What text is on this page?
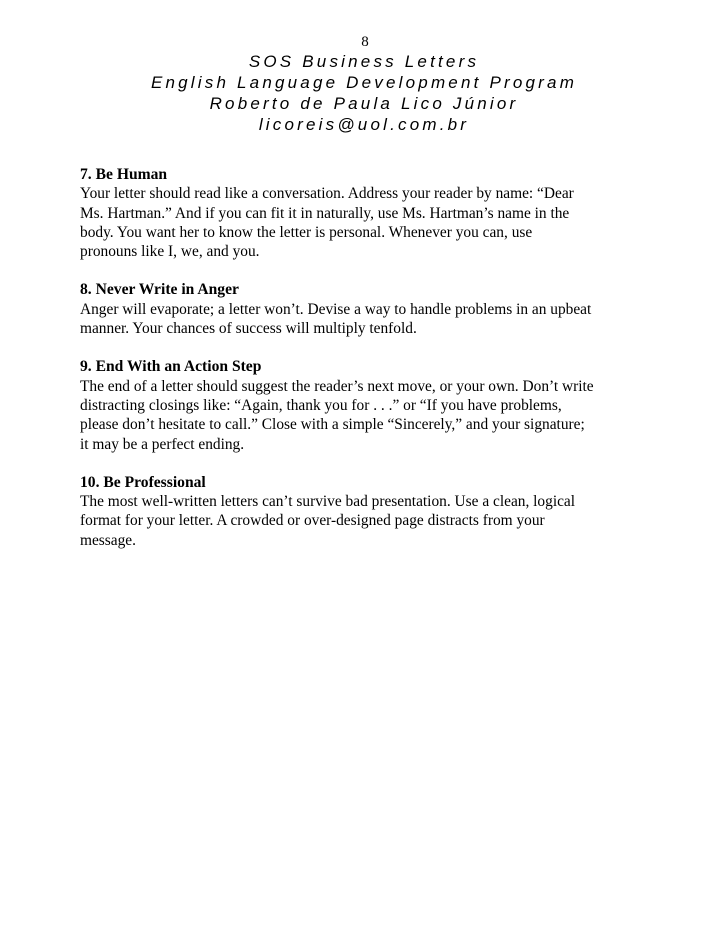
8
SOS Business Letters
English Language Development Program
Roberto de Paula Lico Júnior
licoreis@uol.com.br
7. Be Human
Your letter should read like a conversation. Address your reader by name: “Dear
Ms. Hartman.” And if you can fit it in naturally, use Ms. Hartman’s name in the
body. You want her to know the letter is personal. Whenever you can, use
pronouns like I, we, and you.
8. Never Write in Anger
Anger will evaporate; a letter won’t. Devise a way to handle problems in an upbeat
manner. Your chances of success will multiply tenfold.
9. End With an Action Step
The end of a letter should suggest the reader’s next move, or your own. Don’t write
distracting closings like: “Again, thank you for . . .” or “If you have problems,
please don’t hesitate to call.” Close with a simple “Sincerely,” and your signature;
it may be a perfect ending.
10. Be Professional
The most well-written letters can’t survive bad presentation. Use a clean, logical
format for your letter. A crowded or over-designed page distracts from your
message.
